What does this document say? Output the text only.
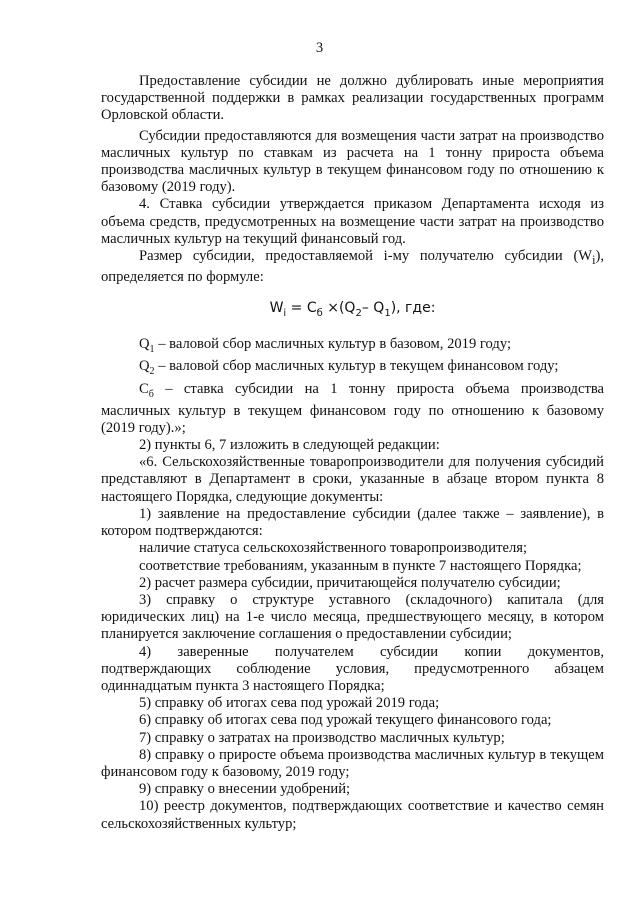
3

Предоставление субсидии не должно дублировать иные мероприятия государственной поддержки в рамках реализации государственных программ Орловской области.

Субсидии предоставляются для возмещения части затрат на производство масличных культур по ставкам из расчета на 1 тонну прироста объема производства масличных культур в текущем финансовом году по отношению к базовому (2019 году).

4. Ставка субсидии утверждается приказом Департамента исходя из объема средств, предусмотренных на возмещение части затрат на производство масличных культур на текущий финансовый год.

Размер субсидии, предоставляемой i-му получателю субсидии $(W_i)$, определяется по формуле:

$W_i = C_б \times(Q_2-$ $Q_1$), где:

$Q_1$ – валовой сбор масличных культур в базовом, 2019 году;

$Q_2$ – валовой сбор масличных культур в текущем финансовом году;

$C_б$ – ставка субсидии на 1 тонну прироста объема производства масличных культур в текущем финансовом году по отношению к базовому (2019 году).»;

2) пункты 6, 7 изложить в следующей редакции:

«6. Сельскохозяйственные товаропроизводители для получения субсидий представляют в Департамент в сроки, указанные в абзаце втором пункта 8 настоящего Порядка, следующие документы:

1) заявление на предоставление субсидии (далее также – заявление), в котором подтверждаются:

наличие статуса сельскохозяйственного товаропроизводителя;

соответствие требованиям, указанным в пункте 7 настоящего Порядка;

2) расчет размера субсидии, причитающейся получателю субсидии;

3) справку о структуре уставного (складочного) капитала (для юридических лиц) на 1-е число месяца, предшествующего месяцу, в котором планируется заключение соглашения о предоставлении субсидии;

4) заверенные получателем субсидии копии документов, подтверждающих соблюдение условия, предусмотренного абзацем одиннадцатым пункта 3 настоящего Порядка;

5) справку об итогах сева под урожай 2019 года;

6) справку об итогах сева под урожай текущего финансового года;

7) справку о затратах на производство масличных культур;

8) справку о приросте объема производства масличных культур в текущем финансовом году к базовому, 2019 году;

9) справку о внесении удобрений;

10) реестр документов, подтверждающих соответствие и качество семян сельскохозяйственных культур;
